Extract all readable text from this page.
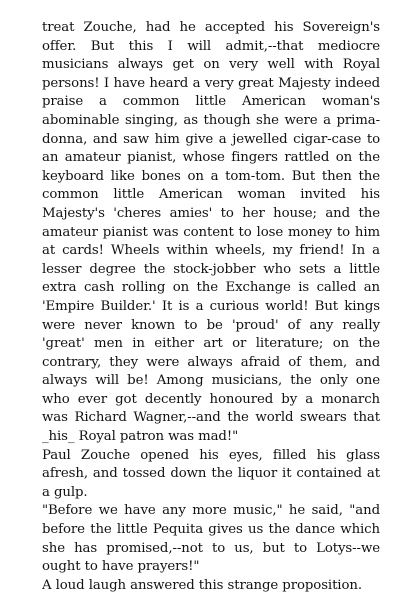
treat Zouche, had he accepted his Sovereign's offer. But this I will admit,--that mediocre musicians always get on very well with Royal persons! I have heard a very great Majesty indeed praise a common little American woman's abominable singing, as though she were a prima-donna, and saw him give a jewelled cigar-case to an amateur pianist, whose fingers rattled on the keyboard like bones on a tom-tom. But then the common little American woman invited his Majesty's 'cheres amies' to her house; and the amateur pianist was content to lose money to him at cards! Wheels within wheels, my friend! In a lesser degree the stock-jobber who sets a little extra cash rolling on the Exchange is called an 'Empire Builder.' It is a curious world! But kings were never known to be 'proud' of any really 'great' men in either art or literature; on the contrary, they were always afraid of them, and always will be! Among musicians, the only one who ever got decently honoured by a monarch was Richard Wagner,--and the world swears that _his_ Royal patron was mad!"

Paul Zouche opened his eyes, filled his glass afresh, and tossed down the liquor it contained at a gulp.

"Before we have any more music," he said, "and before the little Pequita gives us the dance which she has promised,--not to us, but to Lotys--we ought to have prayers!"

A loud laugh answered this strange proposition.
